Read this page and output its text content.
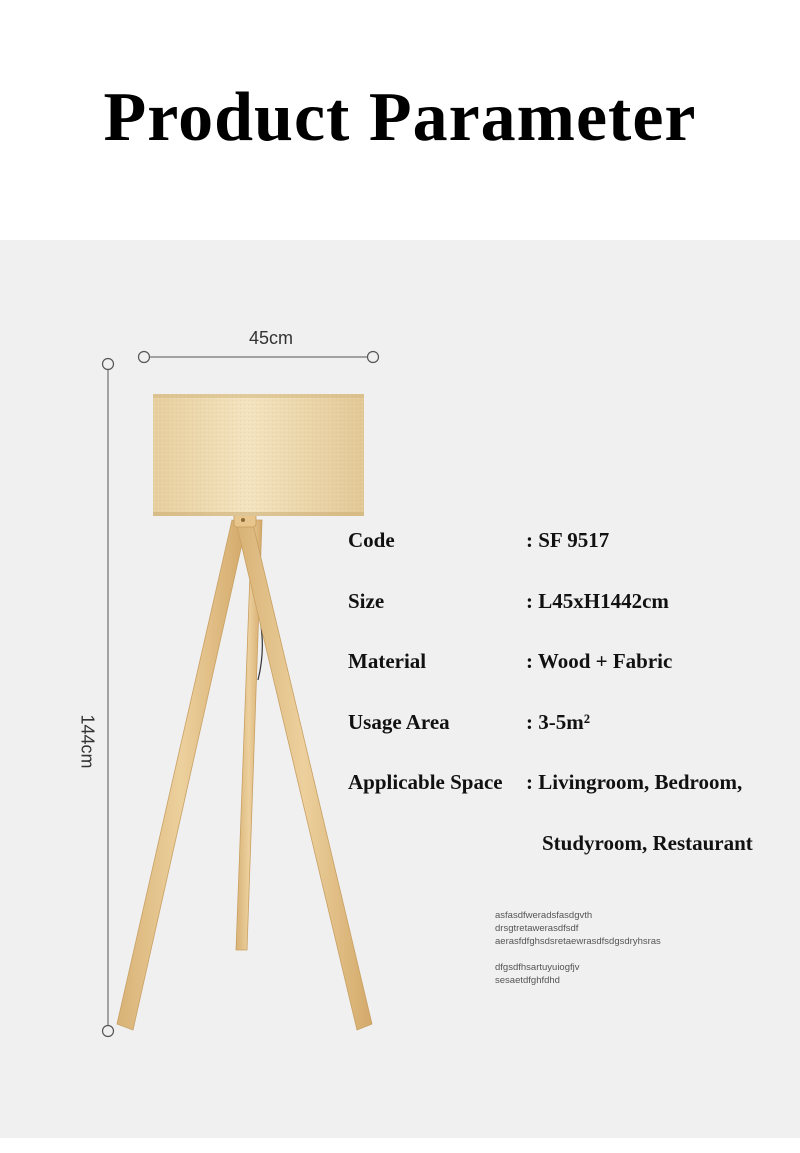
Product Parameter
45cm
144cm
Code	: SF 9517
Size	: L45xH1442cm
Material	: Wood + Fabric
Usage Area	: 3-5m²
Applicable Space : Livingroom, Bedroom,
Studyroom, Restaurant
asfasdfweradsfasdgvth
drsgtretawerasdfsdf
aerasfdfghsdsretaewrasdfsdgsdryhsras
dfgsdfhsartuyuiogfjv
sesaetdfghfdhd
